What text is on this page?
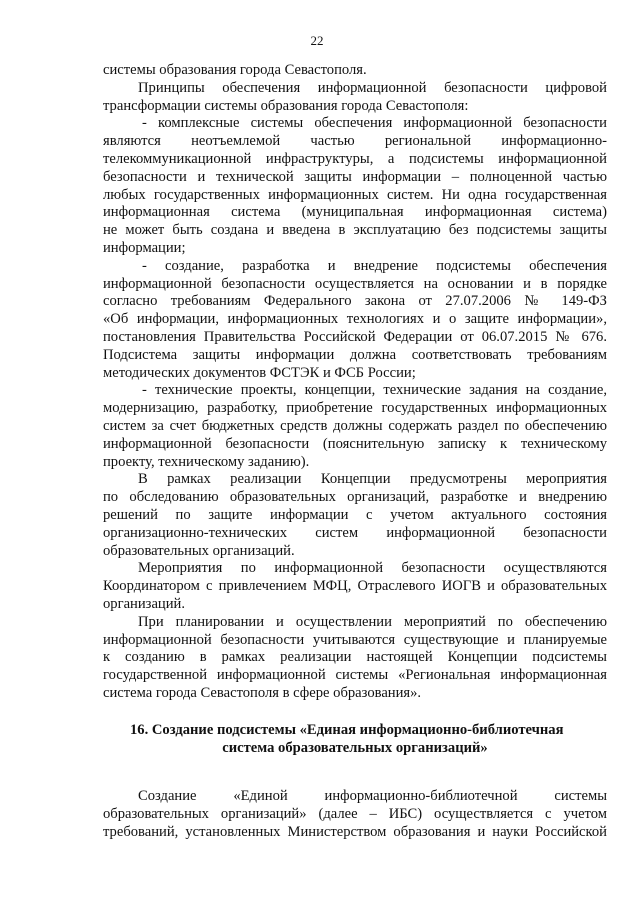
22
системы образования города Севастополя.
Принципы обеспечения информационной безопасности цифровой
трансформации системы образования города Севастополя:
- комплексные системы обеспечения информационной безопасности
являются неотъемлемой частью региональной информационно-
телекоммуникационной инфраструктуры, а подсистемы информационной
безопасности и технической защиты информации – полноценной частью
любых государственных информационных систем. Ни одна государственная
информационная система (муниципальная информационная система)
не может быть создана и введена в эксплуатацию без подсистемы защиты
информации;
- создание, разработка и внедрение подсистемы обеспечения
информационной безопасности осуществляется на основании и в порядке
согласно требованиям Федерального закона от 27.07.2006 № 149-ФЗ
«Об информации, информационных технологиях и о защите информации»,
постановления Правительства Российской Федерации от 06.07.2015 № 676.
Подсистема защиты информации должна соответствовать требованиям
методических документов ФСТЭК и ФСБ России;
- технические проекты, концепции, технические задания на создание,
модернизацию, разработку, приобретение государственных информационных
систем за счет бюджетных средств должны содержать раздел по обеспечению
информационной безопасности (пояснительную записку к техническому
проекту, техническому заданию).
В рамках реализации Концепции предусмотрены мероприятия
по обследованию образовательных организаций, разработке и внедрению
решений по защите информации с учетом актуального состояния
организационно-технических систем информационной безопасности
образовательных организаций.
Мероприятия по информационной безопасности осуществляются
Координатором с привлечением МФЦ, Отраслевого ИОГВ и образовательных
организаций.
При планировании и осуществлении мероприятий по обеспечению
информационной безопасности учитываются существующие и планируемые
к созданию в рамках реализации настоящей Концепции подсистемы
государственной информационной системы «Региональная информационная
система города Севастополя в сфере образования».
16. Создание подсистемы «Единая информационно-библиотечная
система образовательных организаций»
Создание «Единой информационно-библиотечной системы
образовательных организаций» (далее – ИБС) осуществляется с учетом
требований, установленных Министерством образования и науки Российской
